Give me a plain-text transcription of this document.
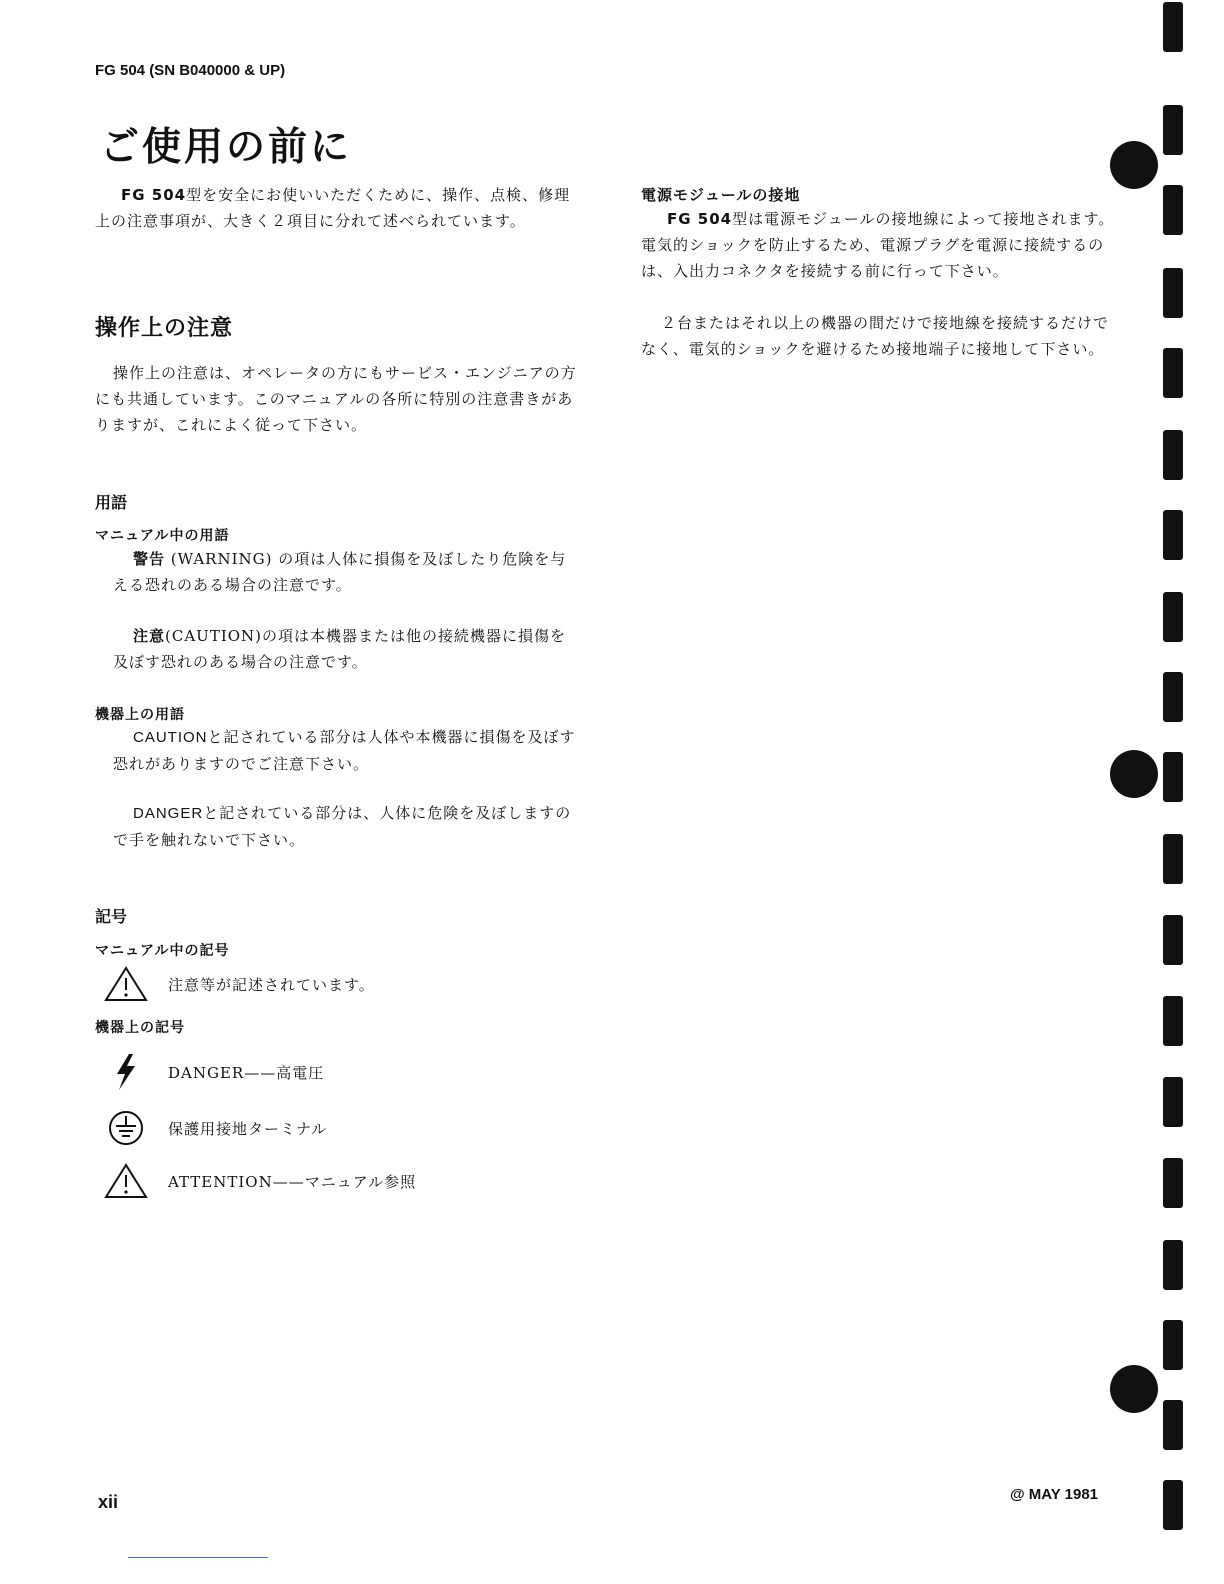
FG 504 (SN B040000 & UP)
ご使用の前に
FG 504型を安全にお使いいただくために、操作、点検、修理上の注意事項が、大きく２項目に分れて述べられています。
操作上の注意
操作上の注意は、オペレータの方にもサービス・エンジニアの方にも共通しています。このマニュアルの各所に特別の注意書きがありますが、これによく従って下さい。
用語
マニュアル中の用語
警告 (WARNING) の項は人体に損傷を及ぼしたり危険を与える恐れのある場合の注意です。
注意(CAUTION)の項は本機器または他の接続機器に損傷を及ぼす恐れのある場合の注意です。
機器上の用語
CAUTIONと記されている部分は人体や本機器に損傷を及ぼす恐れがありますのでご注意下さい。
DANGERと記されている部分は、人体に危険を及ぼしますので手を触れないで下さい。
記号
マニュアル中の記号
注意等が記述されています。
機器上の記号
DANGER——高電圧
保護用接地ターミナル
ATTENTION——マニュアル参照
電源モジュールの接地
FG 504型は電源モジュールの接地線によって接地されます。電気的ショックを防止するため、電源プラグを電源に接続するのは、入出力コネクタを接続する前に行って下さい。
２台またはそれ以上の機器の間だけで接地線を接続するだけでなく、電気的ショックを避けるため接地端子に接地して下さい。
xii	@ MAY 1981
